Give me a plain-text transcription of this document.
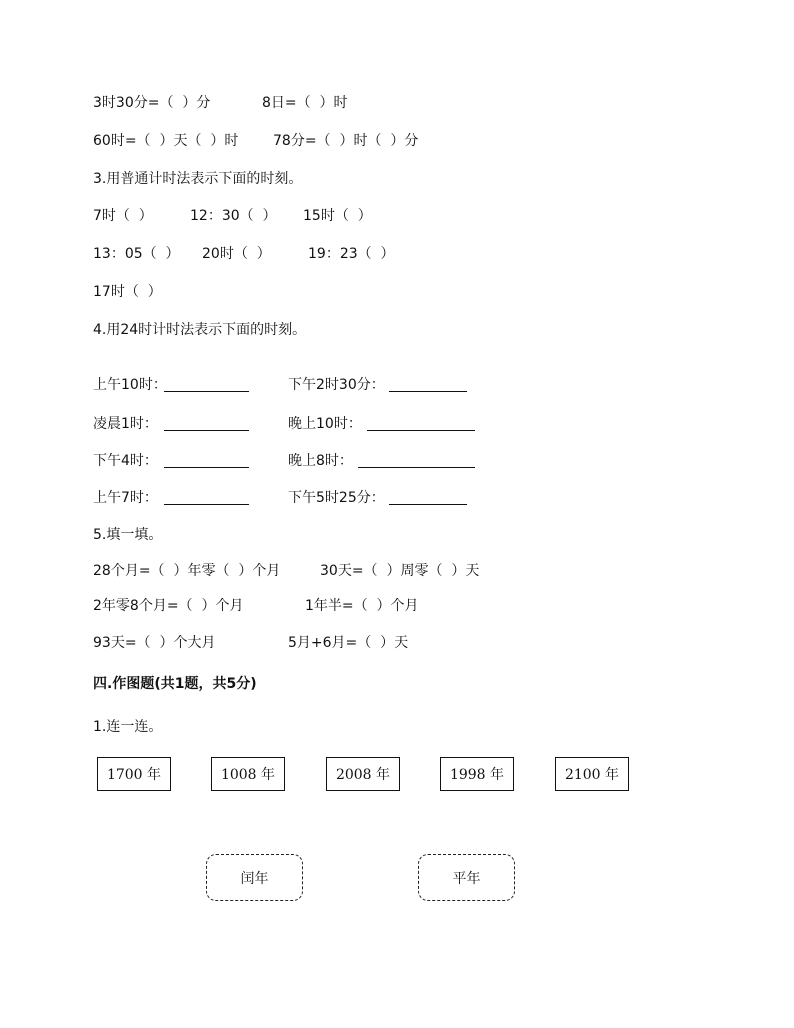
3时30分=（  ）分	8日=（  ）时
60时=（  ）天（  ）时 78分=（  ）时（  ）分
3.用普通计时法表示下面的时刻。
7时（  ）	12：30（  ） 15时（  ）
13：05（  ） 20时（  ）	19：23（  ）
17时（  ）
4.用24时计时法表示下面的时刻。
上午10时：	下午2时30分：
凌晨1时：	晚上10时：
下午4时：	晚上8时：
上午7时：	下午5时25分：
5.填一填。
28个月=（  ）年零（  ）个月	30天=（  ）周零（  ）天
2年零8个月=（  ）个月	1年半=（  ）个月
93天=（  ）个大月	5月+6月=（  ）天
四.作图题(共1题，共5分)
1.连一连。
1700 年	1008 年	2008 年	1998 年	2100 年
闰年	平年
